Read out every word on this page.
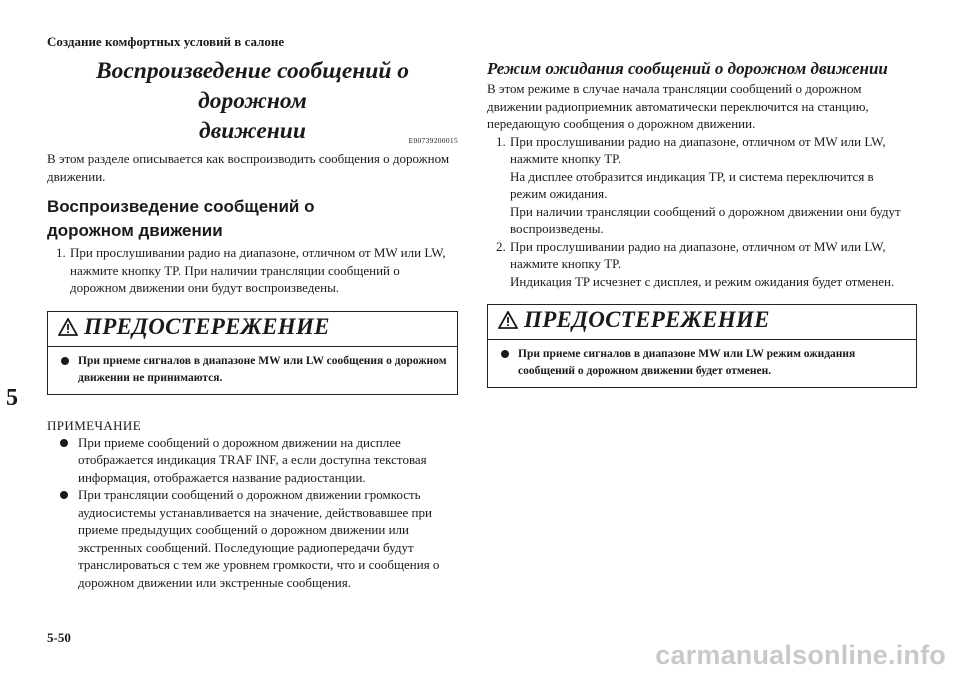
Создание комфортных условий в салоне
5
Воспроизведение сообщений о дорожном
движении	E00739200015

В этом разделе описывается как воспроизводить сообщения о дорожном движении.

Воспроизведение сообщений о дорожном движении
1. При прослушивании радио на диапазоне, отличном от MW или LW, нажмите кнопку TP. При наличии трансляции сообщений о дорожном движении они будут воспроизведены.
ПРЕДОСТЕРЕЖЕНИЕ
При приеме сигналов в диапазоне MW или LW сообщения о дорожном движении не принимаются.
ПРИМЕЧАНИЕ
При приеме сообщений о дорожном движении на дисплее отображается индикация TRAF INF, а если доступна текстовая информация, отображается название радиостанции.
При трансляции сообщений о дорожном движении громкость аудиосистемы устанавливается на значение, действовавшее при приеме предыдущих сообщений о дорожном движении или экстренных сообщений. Последующие радиопередачи будут транслироваться с тем же уровнем громкости, что и сообщения о дорожном движении или экстренные сообщения.
Режим ожидания сообщений о дорожном движении

В этом режиме в случае начала трансляции сообщений о дорожном движении радиоприемник автоматически переключится на станцию, передающую сообщения о дорожном движении.

1. При прослушивании радио на диапазоне, отличном от MW или LW, нажмите кнопку TP.
На дисплее отобразится индикация TP, и система переключится в режим ожидания.
При наличии трансляции сообщений о дорожном движении они будут воспроизведены.
2. При прослушивании радио на диапазоне, отличном от MW или LW, нажмите кнопку TP.
Индикация TP исчезнет с дисплея, и режим ожидания будет отменен.
ПРЕДОСТЕРЕЖЕНИЕ
При приеме сигналов в диапазоне MW или LW режим ожидания сообщений о дорожном движении будет отменен.
5-50
carmanualsonline.info
